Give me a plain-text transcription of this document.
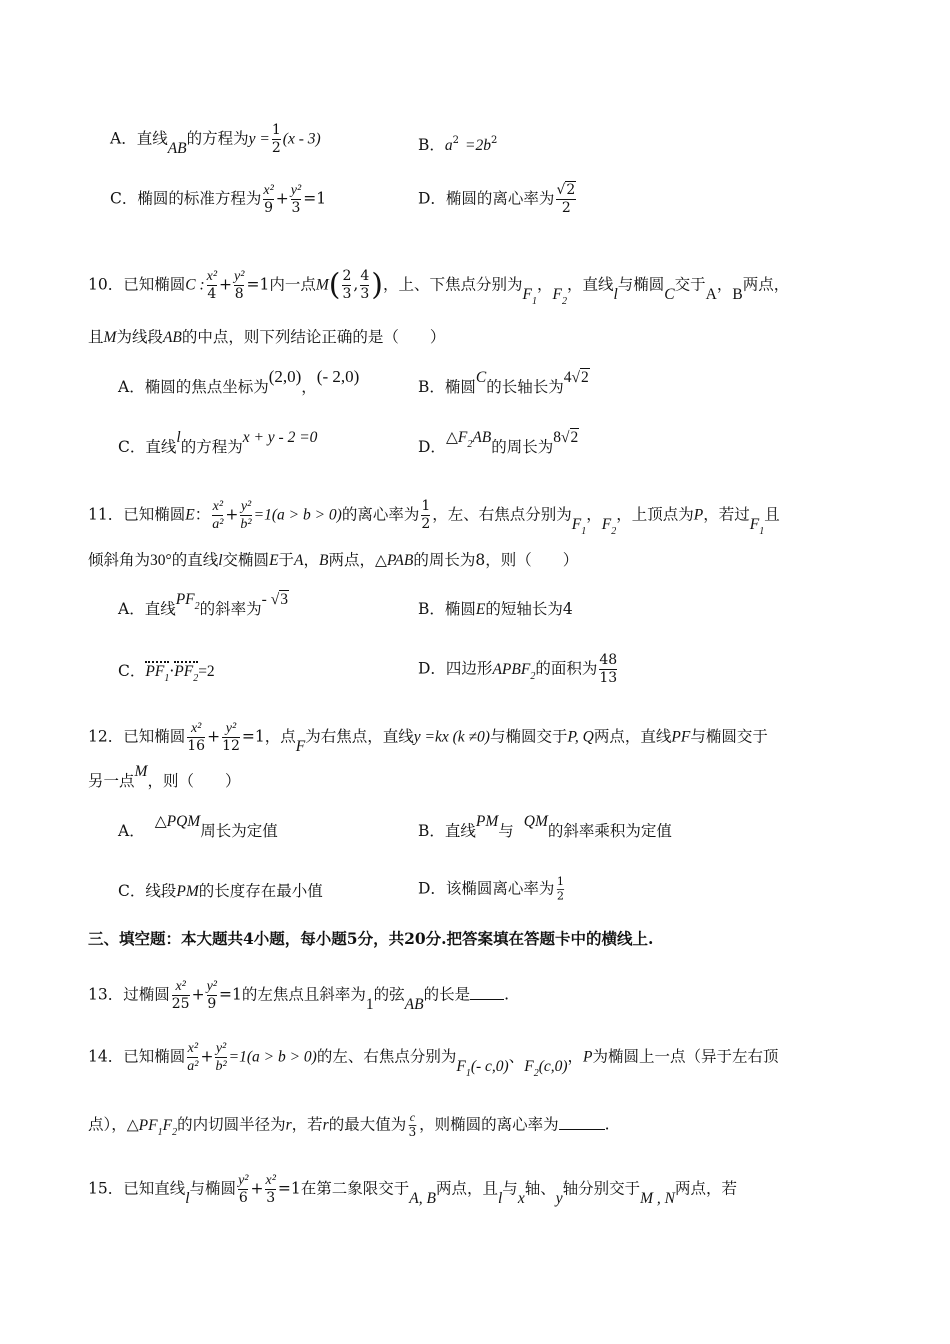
A．直线AB的方程为$y = \frac{1}{2} (x - 3)$	B．$a^2 =2b^2$
C．椭圆的标准方程为 $\frac{\text{x²}}{9} + \frac{\text{y²}}{3} =1$	D．椭圆的离心率为 $\frac{√2}{2}$
10．已知椭圆C : $\frac{\text{x²}}{4} + \frac{\text{y²}}{8} =1$内一点$M( \frac{2}{3}$ , $\frac{4}{3}$ )，上、下焦点分别为$F_1$，$F_2$，直线l与椭圆C交于A，B两点，
且M为线段AB的中点，则下列结论正确的是（　　）
A．椭圆的焦点坐标为(2,0)，(- 2,0)
B．椭圆C的长轴长为4√2
C．直线l的方程为x + y - 2 =0
D．$\triangle F_2AB$的周长为8√2
11．已知椭圆E： $\frac{\text{x²}}{\text{a²}} + \frac{\text{y²}}{\text{b²}} =1(a > b > 0)$的离心率为 $\frac{1}{2}$ ，左、右焦点分别为$F_1$，$F_2$，上顶点为P，若过$F_1$且
倾斜角为30°的直线l交椭圆E于A，B两点，△PAB的周长为8，则（　　）
A．直线$PF_2$的斜率为- √3
B．椭圆E的短轴长为4
C．$PF_1\cdot PF_2=2$	D．四边形$APBF_2$的面积为 $\frac{48}{13}$
12．已知椭圆 $\frac{\text{x²}}{16} + \frac{\text{y²}}{12} =1$，点F为右焦点，直线y =kx (k ≠0)与椭圆交于P, Q两点，直线PF与椭圆交于
另一点M，则（　　）
A．△PQM周长为定值	B．直线PM与QM的斜率乘积为定值
C．线段PM的长度存在最小值	D．该椭圆离心率为 $\frac{1}{2}$
三、填空题：本大题共4小题，每小题5分，共20分.把答案填在答题卡中的横线上.
13．过椭圆 $\frac{\text{x²}}{25} + \frac{\text{y²}}{9} =1$的左焦点且斜率为1的弦AB的长是 .
14．已知椭圆 $\frac{\text{x²}}{\text{a²}} + \frac{\text{y²}}{\text{b²}} =1(a > b > 0)$的左、右焦点分别为$F_1(-$ c,0)、$F_2(c,0)$，P为椭圆上一点（异于左右顶
点），$\triangle PF_1F_2$的内切圆半径为r，若r的最大值为 $\frac{c}{3}$ ，则椭圆的离心率为	.
15．已知直线l与椭圆 $\frac{\text{y²}}{6} + \frac{\text{x²}}{3} =1$在第二象限交于A, B两点，且l与x轴、y轴分别交于M , N两点，若
